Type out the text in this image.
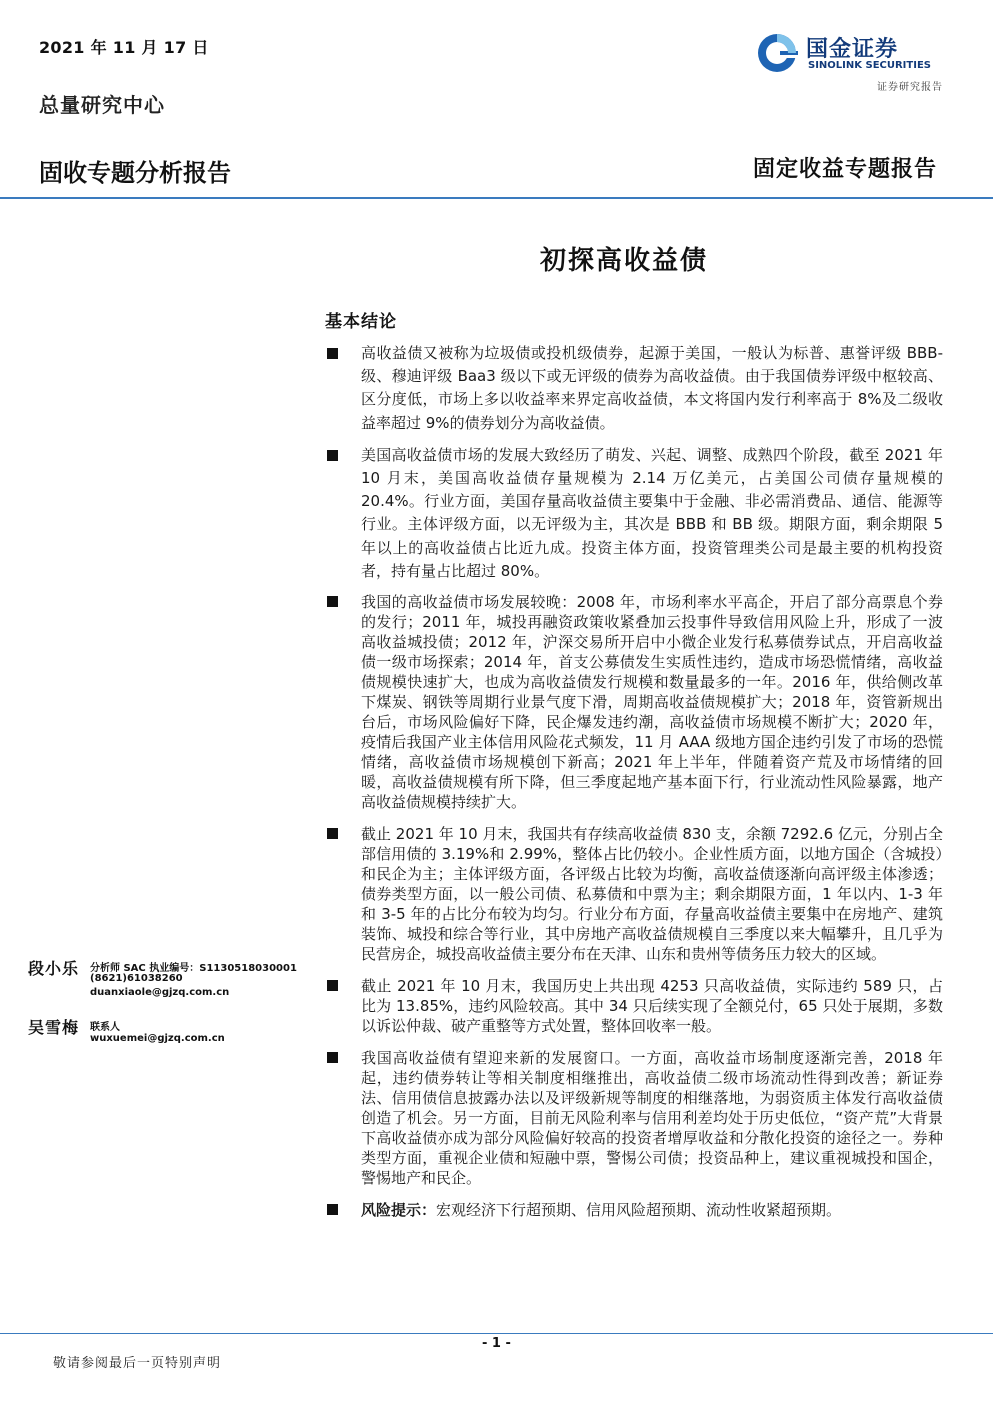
2021 年 11 月 17 日
总量研究中心
国金证券
SINOLINK SECURITIES
证券研究报告
固收专题分析报告	固定收益专题报告
初探高收益债
基本结论
高收益债又被称为垃圾债或投机级债券，起源于美国，一般认为标普、惠誉评级 BBB-级、穆迪评级 Baa3 级以下或无评级的债券为高收益债。由于我国债券评级中枢较高、区分度低，市场上多以收益率来界定高收益债，本文将国内发行利率高于 8%及二级收益率超过 9%的债券划分为高收益债。
美国高收益债市场的发展大致经历了萌发、兴起、调整、成熟四个阶段，截至 2021 年 10 月末，美国高收益债存量规模为 2.14 万亿美元，占美国公司债存量规模的 20.4%。行业方面，美国存量高收益债主要集中于金融、非必需消费品、通信、能源等行业。主体评级方面，以无评级为主，其次是 BBB 和 BB 级。期限方面，剩余期限 5 年以上的高收益债占比近九成。投资主体方面，投资管理类公司是最主要的机构投资者，持有量占比超过 80%。
我国的高收益债市场发展较晚：2008 年，市场利率水平高企，开启了部分高票息个券的发行；2011 年，城投再融资政策收紧叠加云投事件导致信用风险上升，形成了一波高收益城投债；2012 年，沪深交易所开启中小微企业发行私募债券试点，开启高收益债一级市场探索；2014 年，首支公募债发生实质性违约，造成市场恐慌情绪，高收益债规模快速扩大，也成为高收益债发行规模和数量最多的一年。2016 年，供给侧改革下煤炭、钢铁等周期行业景气度下滑，周期高收益债规模扩大；2018 年，资管新规出台后，市场风险偏好下降，民企爆发违约潮，高收益债市场规模不断扩大；2020 年，疫情后我国产业主体信用风险花式频发，11 月 AAA 级地方国企违约引发了市场的恐慌情绪，高收益债市场规模创下新高；2021 年上半年，伴随着资产荒及市场情绪的回暖，高收益债规模有所下降，但三季度起地产基本面下行，行业流动性风险暴露，地产高收益债规模持续扩大。
截止 2021 年 10 月末，我国共有存续高收益债 830 支，余额 7292.6 亿元，分别占全部信用债的 3.19%和 2.99%，整体占比仍较小。企业性质方面，以地方国企（含城投）和民企为主；主体评级方面，各评级占比较为均衡，高收益债逐渐向高评级主体渗透；债券类型方面，以一般公司债、私募债和中票为主；剩余期限方面，1 年以内、1-3 年和 3-5 年的占比分布较为均匀。行业分布方面，存量高收益债主要集中在房地产、建筑装饰、城投和综合等行业，其中房地产高收益债规模自三季度以来大幅攀升，且几乎为民营房企，城投高收益债主要分布在天津、山东和贵州等债务压力较大的区域。
截止 2021 年 10 月末，我国历史上共出现 4253 只高收益债，实际违约 589 只，占比为 13.85%，违约风险较高。其中 34 只后续实现了全额兑付，65 只处于展期，多数以诉讼仲裁、破产重整等方式处置，整体回收率一般。
我国高收益债有望迎来新的发展窗口。一方面，高收益市场制度逐渐完善，2018 年起，违约债券转让等相关制度相继推出，高收益债二级市场流动性得到改善；新证券法、信用债信息披露办法以及评级新规等制度的相继落地，为弱资质主体发行高收益债创造了机会。另一方面，目前无风险利率与信用利差均处于历史低位，“资产荒”大背景下高收益债亦成为部分风险偏好较高的投资者增厚收益和分散化投资的途径之一。券种类型方面，重视企业债和短融中票，警惕公司债；投资品种上，建议重视城投和国企，警惕地产和民企。
风险提示：宏观经济下行超预期、信用风险超预期、流动性收紧超预期。
段小乐 分析师 SAC 执业编号：S1130518030001
(8621)61038260
duanxiaole@gjzq.com.cn
吴雪梅 联系人
wuxuemei@gjzq.com.cn
- 1 -
敬请参阅最后一页特别声明
